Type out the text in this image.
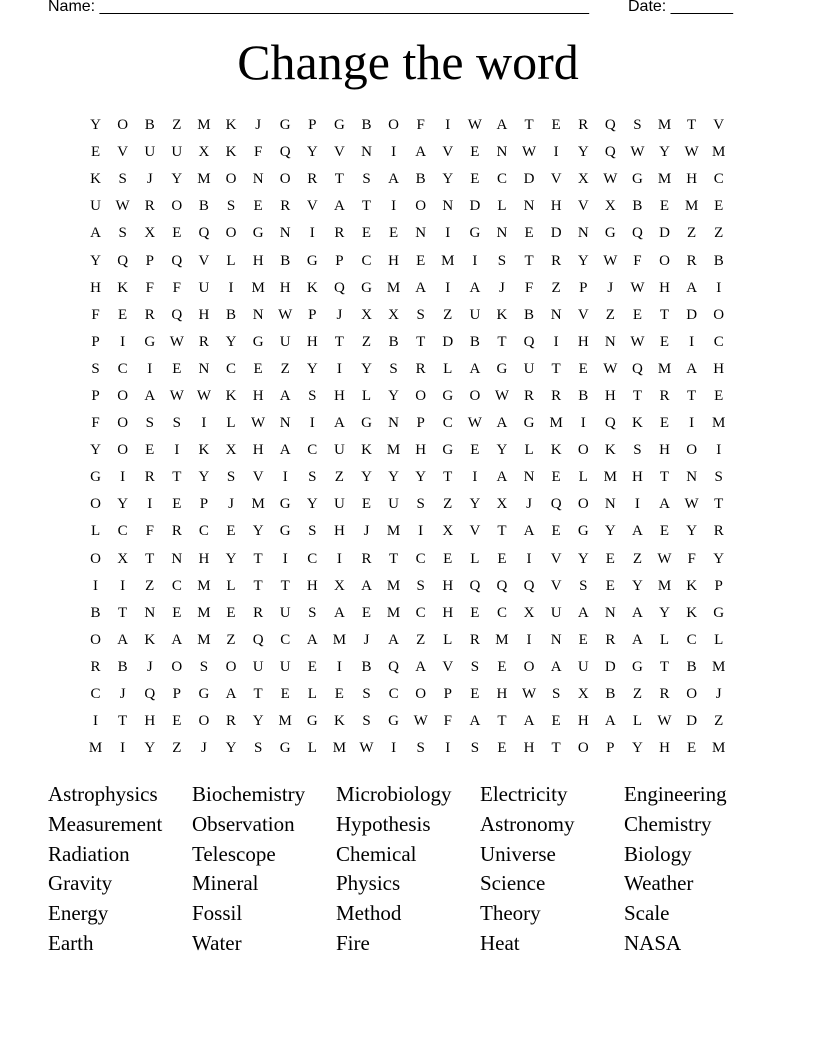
Name: _______________________________________________________ Date: _______
Change the word
Y	O	B	Z	M	K	J	G	P	G	B	O	F	I	W A	T	E	R	Q	S	M	T	V
E	V	U	U	X	K	F	Q	Y	V	N	I	A	V	E	N W	I	Y	Q W Y W M
K	S	J	Y	M	O	N	O	R	T	S	A	B	Y	E	C	D	V	X W G	M	H	C
U W	R	O	B	S	E	R	V	A	T	I	O	N	D	L	N	H	V	X	B	E	M	E
A	S	X	E	Q	O	G	N	I	R	E	E	N	I	G	N	E	D	N	G	Q	D	Z	Z
Y	Q	P	Q	V	L	H	B	G	P	C	H	E	M	I	S	T	R	Y W	F	O	R	B
H	K	F	F	U	I	M	H	K	Q	G	M	A	I	A	J	F	Z	P	J	W H	A	I
F	E	R	Q	H	B	N W	P	J	X	X	S	Z	U	K	B	N	V	Z	E	T	D	O
P	I	G W	R	Y	G	U	H	T	Z	B	T	D	B	T	Q	I	H	N W	E	I	C
S	C	I	E	N	C	E	Z	Y	I	Y	S	R	L	A	G	U	T	E	W Q	M	A	H
P	O	A W W K	H	A	S	H	L	Y	O	G	O W	R	R	B	H	T	R	T	E
F	O	S	S	I	L	W N	I	A	G	N	P	C	W A	G	M	I	Q	K	E	I	M
Y	O	E	I	K	X	H	A	C	U	K	M	H	G	E	Y	L	K	O	K	S	H	O	I
G	I	R	T	Y	S	V	I	S	Z	Y	Y	Y	T	I	A	N	E	L	M	H	T	N	S
O	Y	I	E	P	J	M	G	Y	U	E	U	S	Z	Y	X	J	Q	O	N	I	A W	T
L	C	F	R	C	E	Y	G	S	H	J	M	I	X	V	T	A	E	G	Y	A	E	Y	R
O	X	T	N	H	Y	T	I	C	I	R	T	C	E	L	E	I	V	Y	E	Z	W	F	Y
I	I	Z	C	M	L	T	T	H	X	A	M	S	H	Q	Q	Q	V	S	E	Y	M	K	P
B	T	N	E	M	E	R	U	S	A	E	M	C	H	E	C	X	U	A	N	A	Y	K	G
O	A	K	A	M	Z	Q	C	A	M	J	A	Z	L	R	M	I	N	E	R	A	L	C	L
R	B	J	O	S	O	U	U	E	I	B	Q	A	V	S	E	O	A	U	D	G	T	B	M
C	J	Q	P	G	A	T	E	L	E	S	C	O	P	E	H W	S	X	B	Z	R	O	J
I	T	H	E	O	R	Y	M	G	K	S	G W	F	A	T	A	E	H	A	L	W D	Z
M	I	Y	Z	J	Y	S	G	L	M W	I	S	I	S	E	H	T	O	P	Y	H	E	M
Astrophysics	Biochemistry	Microbiology	Electricity	Engineering
Measurement	Observation	Hypothesis	Astronomy	Chemistry
Radiation	Telescope	Chemical	Universe	Biology
Gravity	Mineral	Physics	Science	Weather
Energy	Fossil	Method	Theory	Scale
Earth	Water	Fire	Heat	NASA
